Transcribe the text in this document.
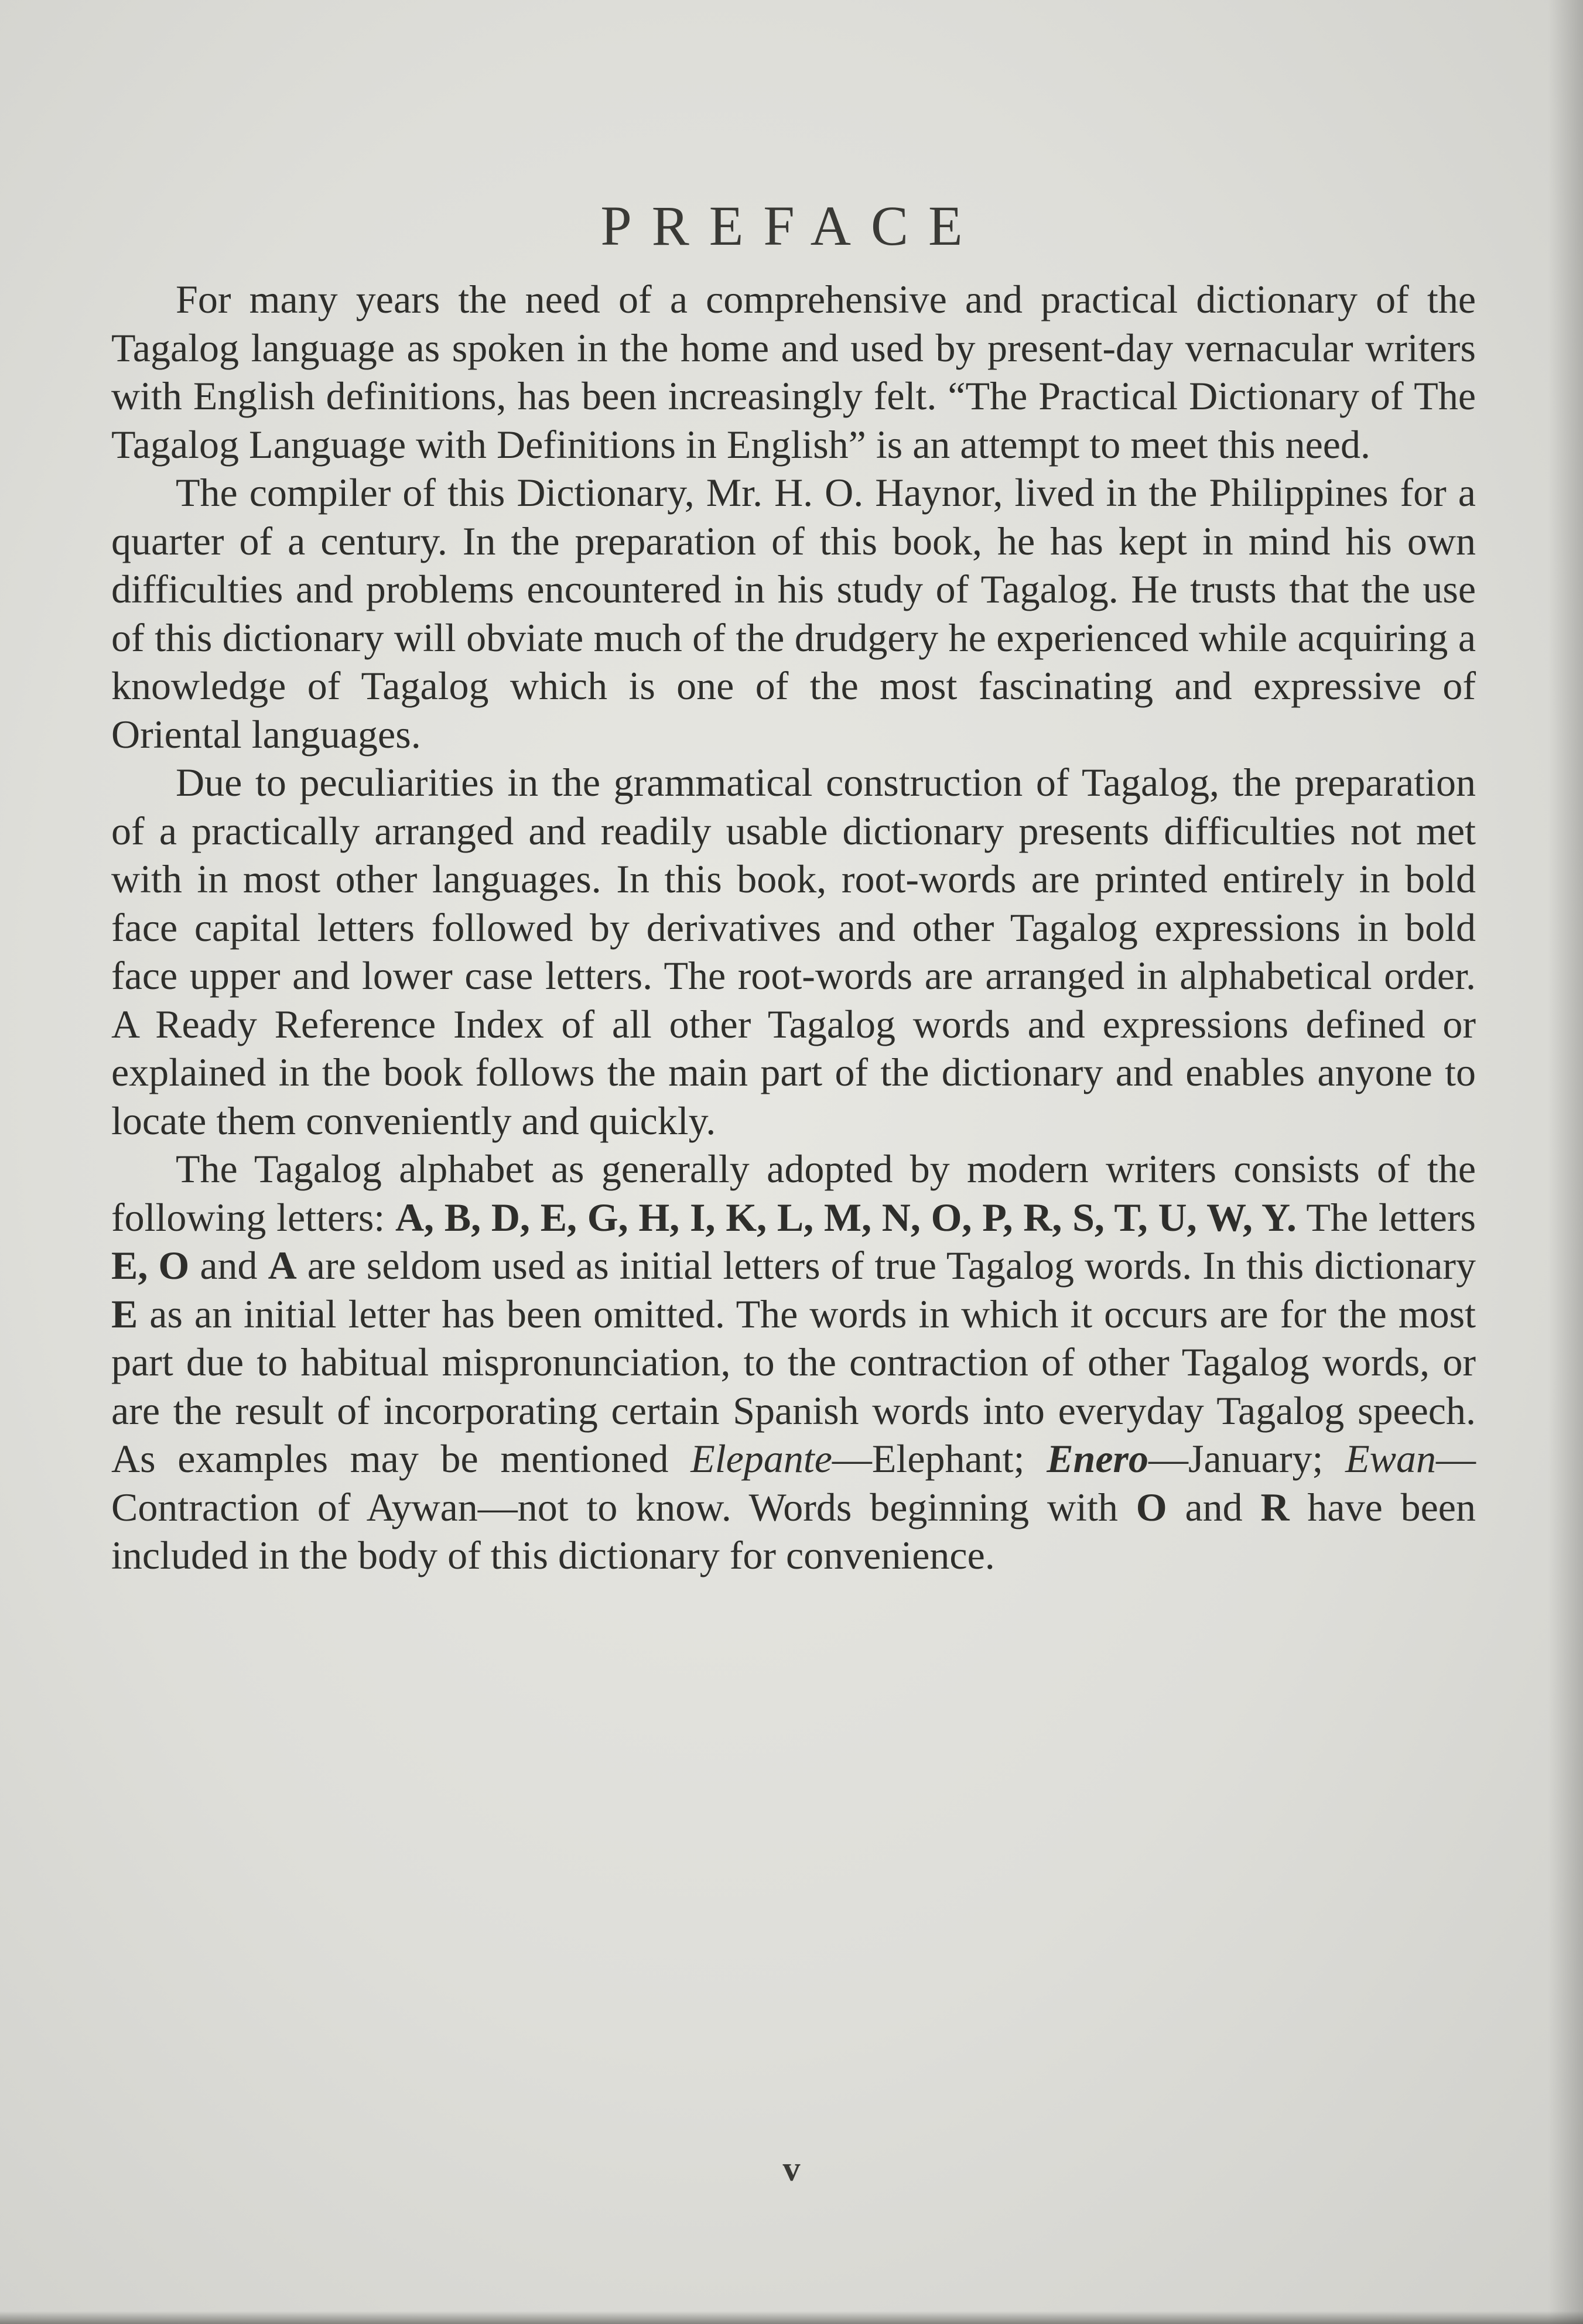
PREFACE

For many years the need of a comprehensive and practical dictionary of the Tagalog language as spoken in the home and used by present-day vernacular writers with English definitions, has been increasingly felt. “The Practical Dictionary of The Tagalog Language with Definitions in English” is an attempt to meet this need.

The compiler of this Dictionary, Mr. H. O. Haynor, lived in the Philippines for a quarter of a century. In the preparation of this book, he has kept in mind his own difficulties and problems encountered in his study of Tagalog. He trusts that the use of this dictionary will obviate much of the drudgery he experienced while acquiring a knowledge of Tagalog which is one of the most fascinating and expressive of Oriental languages.

Due to peculiarities in the grammatical construction of Tagalog, the preparation of a practically arranged and readily usable dictionary presents difficulties not met with in most other languages. In this book, root-words are printed entirely in bold face capital letters followed by derivatives and other Tagalog expressions in bold face upper and lower case letters. The root-words are arranged in alphabetical order. A Ready Reference Index of all other Tagalog words and expressions defined or explained in the book follows the main part of the dictionary and enables anyone to locate them conveniently and quickly.

The Tagalog alphabet as generally adopted by modern writers consists of the following letters: A, B, D, E, G, H, I, K, L, M, N, O, P, R, S, T, U, W, Y. The letters E, O and A are seldom used as initial letters of true Tagalog words. In this dictionary E as an initial letter has been omitted. The words in which it occurs are for the most part due to habitual mispronunciation, to the contraction of other Tagalog words, or are the result of incorporating certain Spanish words into everyday Tagalog speech. As examples may be mentioned Elepante—Elephant; Enero—January; Ewan—Contraction of Aywan—not to know. Words beginning with O and R have been included in the body of this dictionary for convenience.

v
